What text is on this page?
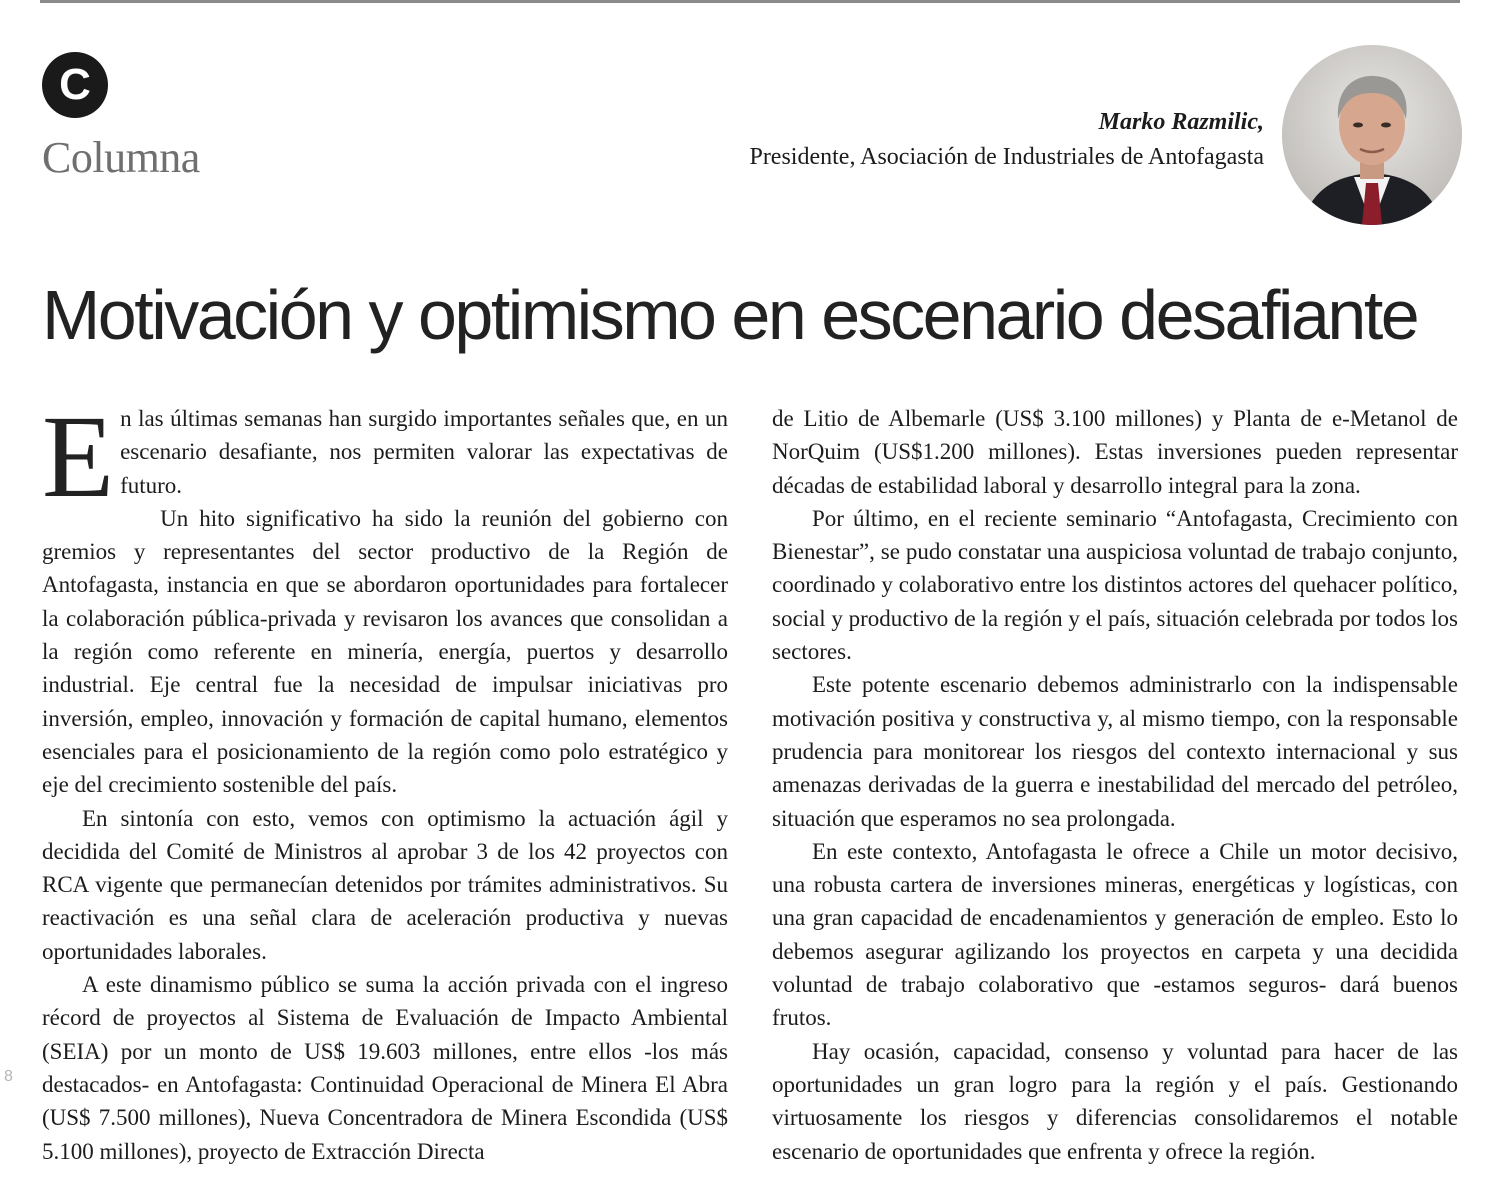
C
Columna
Marko Razmilic,
Presidente, Asociación de Industriales de Antofagasta
Motivación y optimismo en escenario desafiante

En las últimas semanas han surgido importantes señales que, en un escenario desafiante, nos permiten valorar las expectativas de futuro.

Un hito significativo ha sido la reunión del gobierno con gremios y representantes del sector productivo de la Región de Antofagasta, instancia en que se abordaron oportunidades para fortalecer la colaboración pública-privada y revisaron los avances que consolidan a la región como referente en minería, energía, puertos y desarrollo industrial. Eje central fue la necesidad de impulsar iniciativas pro inversión, empleo, innovación y formación de capital humano, elementos esenciales para el posicionamiento de la región como polo estratégico y eje del crecimiento sostenible del país.

En sintonía con esto, vemos con optimismo la actuación ágil y decidida del Comité de Ministros al aprobar 3 de los 42 proyectos con RCA vigente que permanecían detenidos por trámites administrativos. Su reactivación es una señal clara de aceleración productiva y nuevas oportunidades laborales.

A este dinamismo público se suma la acción privada con el ingreso récord de proyectos al Sistema de Evaluación de Impacto Ambiental (SEIA) por un monto de US$ 19.603 millones, entre ellos -los más destacados- en Antofagasta: Continuidad Operacional de Minera El Abra (US$ 7.500 millones), Nueva Concentradora de Minera Escondida (US$ 5.100 millones), proyecto de Extracción Directa

de Litio de Albemarle (US$ 3.100 millones) y Planta de e-Metanol de NorQuim (US$1.200 millones). Estas inversiones pueden representar décadas de estabilidad laboral y desarrollo integral para la zona.

Por último, en el reciente seminario “Antofagasta, Crecimiento con Bienestar”, se pudo constatar una auspiciosa voluntad de trabajo conjunto, coordinado y colaborativo entre los distintos actores del quehacer político, social y productivo de la región y el país, situación celebrada por todos los sectores.

Este potente escenario debemos administrarlo con la indispensable motivación positiva y constructiva y, al mismo tiempo, con la responsable prudencia para monitorear los riesgos del contexto internacional y sus amenazas derivadas de la guerra e inestabilidad del mercado del petróleo, situación que esperamos no sea prolongada.

En este contexto, Antofagasta le ofrece a Chile un motor decisivo, una robusta cartera de inversiones mineras, energéticas y logísticas, con una gran capacidad de encadenamientos y generación de empleo. Esto lo debemos asegurar agilizando los proyectos en carpeta y una decidida voluntad de trabajo colaborativo que -estamos seguros- dará buenos frutos.

Hay ocasión, capacidad, consenso y voluntad para hacer de las oportunidades un gran logro para la región y el país. Gestionando virtuosamente los riesgos y diferencias consolidaremos el notable escenario de oportunidades que enfrenta y ofrece la región.

8
